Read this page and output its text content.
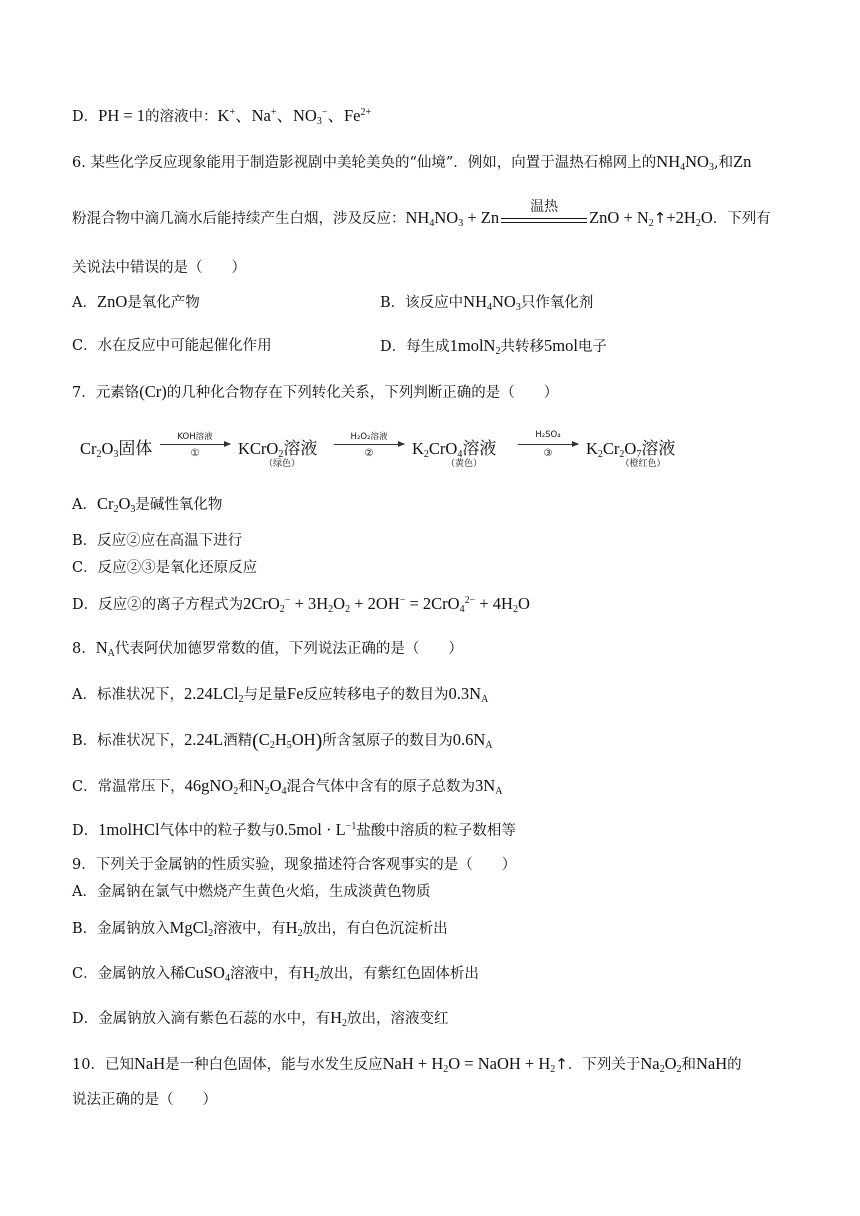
D．PH = 1的溶液中：K+、Na+、$NO_3^-$、$Fe^{2+}$
6. 某些化学反应现象能用于制造影视剧中美轮美奂的“仙境”．例如，向置于温热石棉网上的$NH_4NO_3$,和Zn
粉混合物中滴几滴水后能持续产生白烟，涉及反应：$NH_4NO_3 + Zn$
温热
ZnO + $N_2↑+2H_2O$．下列有
关说法中错误的是（　　）
A．ZnO是氧化产物	B．该反应中$NH_4NO_3$只作氧化剂
C．水在反应中可能起催化作用	D．每生成1molN$_2$共转移5mol电子
7．元素铬(Cr)的几种化合物存在下列转化关系，下列判断正确的是（　　）
$Cr_2O_3$固体
KOH溶液
①	KCrO$_2$溶液
（绿色）
H₂O₂溶液
②	$K_2CrO_4$溶液
（黄色）
H₂SO₄
③	$K_2Cr_2O_7$溶液
（橙红色）
A．$Cr_2O_3$是碱性氧化物
B．反应②应在高温下进行
C．反应②③是氧化还原反应
D．反应②的离子方程式为$2CrO_2^- + 3H_2O_2 + 2OH^- = 2CrO_4^{2-} + 4H_2O$
8．$N_A$代表阿伏加德罗常数的值，下列说法正确的是（　　）
A．标准状况下，2.24LCl$_2$与足量Fe反应转移电子的数目为$0.3N_A$
B．标准状况下，2.24L酒精$(C_2H_5OH)$所含氢原子的数目为$0.6N_A$
C．常温常压下，46gNO$_2$和$N_2O_4$混合气体中含有的原子总数为$3N_A$
D．1molHCl气体中的粒子数与$0.5mol \cdot L^{-1}$盐酸中溶质的粒子数相等
9．下列关于金属钠的性质实验，现象描述符合客观事实的是（　　）
A．金属钠在氯气中燃烧产生黄色火焰，生成淡黄色物质
B．金属钠放入MgCl$_2$溶液中，有$H_2$放出，有白色沉淀析出
C．金属钠放入稀CuSO$_4$溶液中，有$H_2$放出，有紫红色固体析出
D．金属钠放入滴有紫色石蕊的水中，有$H_2$放出，溶液变红
10．已知NaH是一种白色固体，能与水发生反应NaH + $H_2O$ = NaOH + $H_2↑$．下列关于$Na_2O_2$和NaH的
说法正确的是（　　）
